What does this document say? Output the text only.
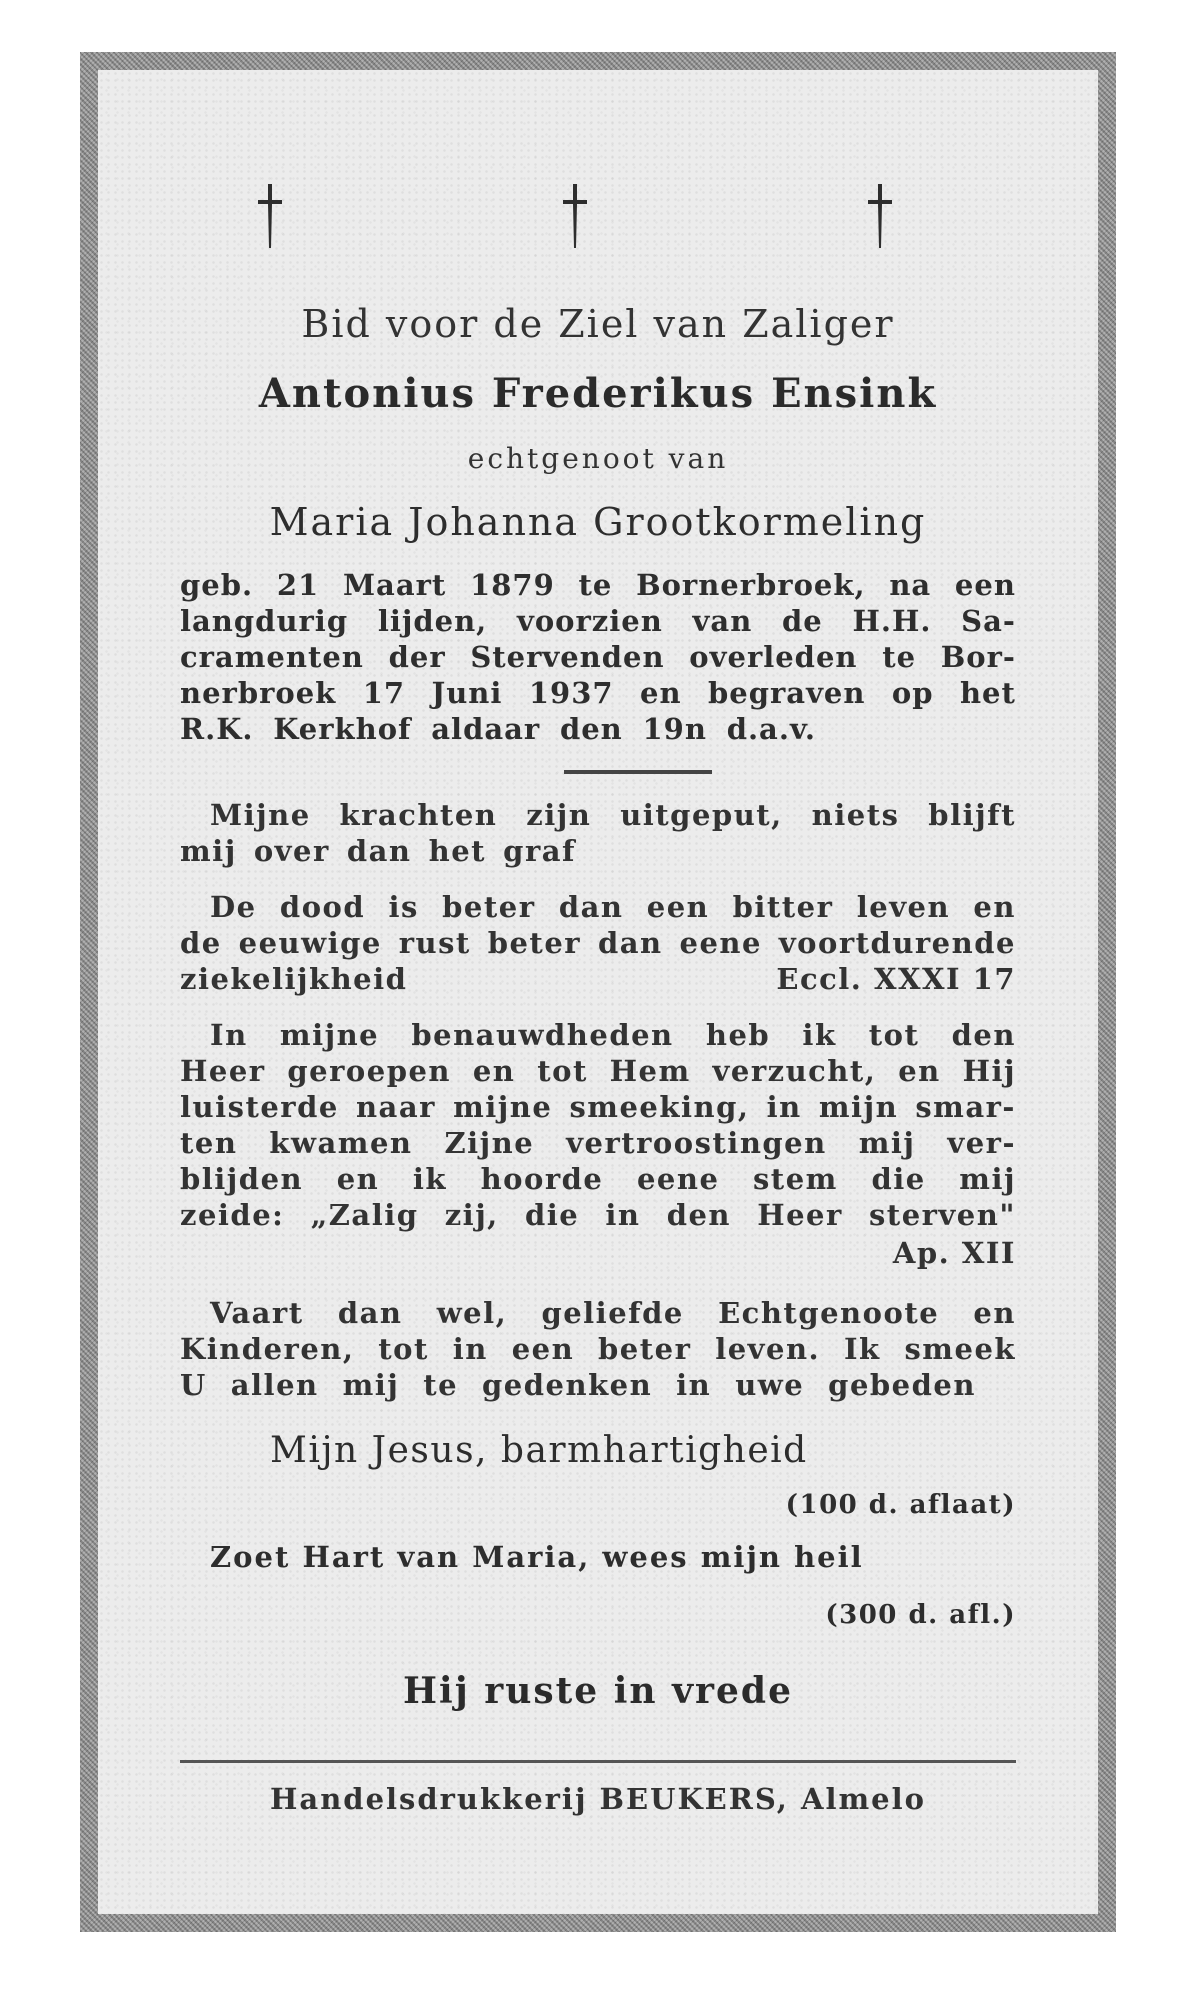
Bid voor de Ziel van Zaliger
Antonius Frederikus Ensink
echtgenoot van
Maria Johanna Grootkormeling
geb. 21 Maart 1879 te Bornerbroek, na een
langdurig lijden, voorzien van de H.H. Sa-
cramenten der Stervenden overleden te Bor-
nerbroek 17 Juni 1937 en begraven op het
R.K. Kerkhof aldaar den 19n d.a.v.
Mijne krachten zijn uitgeput, niets blijft
mij over dan het graf
De dood is beter dan een bitter leven en
de eeuwige rust beter dan eene voortdurende
ziekelijkheid	Eccl. XXXI 17
In mijne benauwdheden heb ik tot den
Heer geroepen en tot Hem verzucht, en Hij
luisterde naar mijne smeeking, in mijn smar-
ten kwamen Zijne vertroostingen mij ver-
blijden en ik hoorde eene stem die mij
zeide: „Zalig zij, die in den Heer sterven"
Ap. XII
Vaart dan wel, geliefde Echtgenoote en
Kinderen, tot in een beter leven. Ik smeek
U allen mij te gedenken in uwe gebeden
Mijn Jesus, barmhartigheid
(100 d. aflaat)
Zoet Hart van Maria, wees mijn heil
(300 d. afl.)
Hij ruste in vrede
Handelsdrukkerij BEUKERS, Almelo
